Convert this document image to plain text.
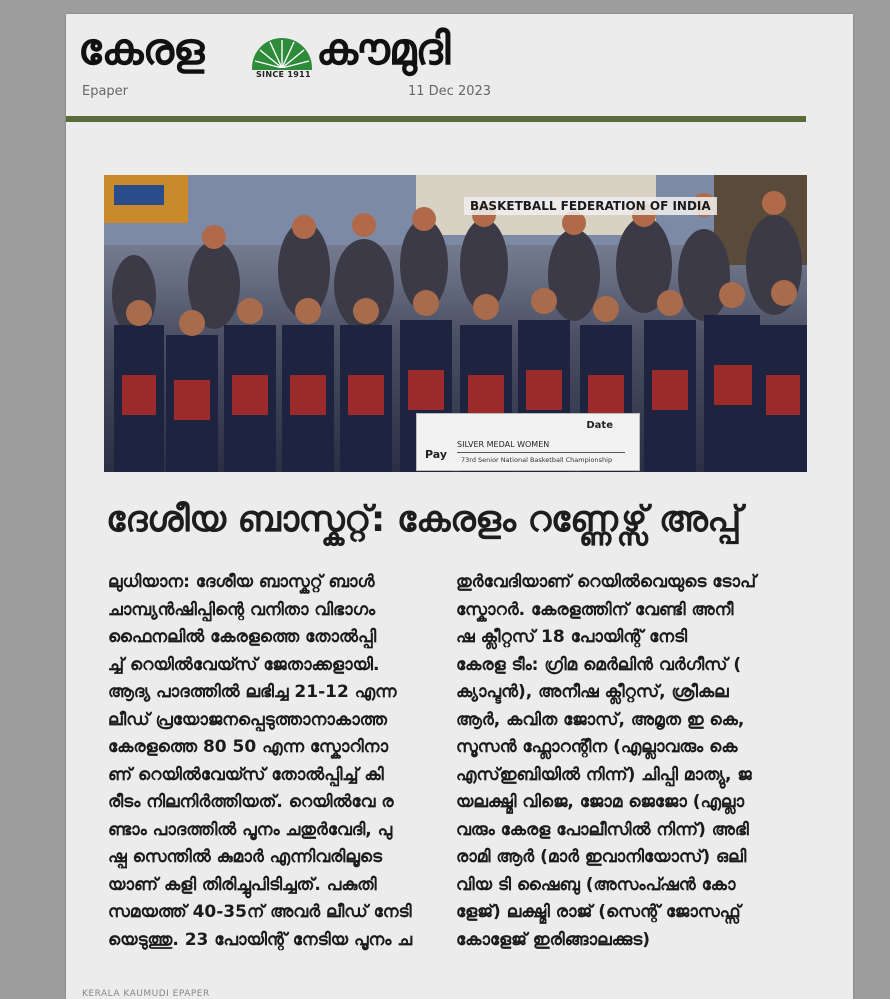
കേരള	SINCE 1911 കൗമുദി
Epaper	11 Dec 2023
BASKETBALL FEDERATION OF INDIA
Date
SILVER MEDAL WOMEN
Pay 73rd Senior National Basketball Championship
ദേശീയ ബാസ്കറ്റ്: കേരളം റണ്ണേഴ്സ് അപ്പ്

ലുധിയാന: ദേശീയ ബാസ്കറ്റ് ബാൾ

ചാമ്പ്യൻഷിപ്പിന്റെ വനിതാ വിഭാഗം

ഫൈനലിൽ കേരളത്തെ തോൽപ്പി

ച്ച് റെയിൽവേയ്സ് ജേതാക്കളായി.

ആദ്യ പാദത്തിൽ ലഭിച്ച 21-12 എന്ന

ലീഡ് പ്രയോജനപ്പെടുത്താനാകാത്ത

കേരളത്തെ 80 50 എന്ന സ്കോറിനാ

ണ് റെയിൽവേയ്സ് തോൽപ്പിച്ച് കി

രീടം നിലനിർത്തിയത്. റെയിൽവേ ര

ണ്ടാം പാദത്തിൽ പൂനം ചതുർവേദി, പു

ഷ്പ സെന്തിൽ കുമാർ എന്നിവരിലൂടെ

യാണ് കളി തിരിച്ചുപിടിച്ചത്. പകുതി

സമയത്ത് 40-35ന് അവർ ലീഡ് നേടി

യെടുത്തു. 23 പോയിന്റ് നേടിയ പൂനം ച

തുർവേദിയാണ് റെയിൽവെയുടെ ടോപ്

സ്കോറർ. കേരളത്തിന് വേണ്ടി അനീ

ഷ ക്ലീറ്റസ് 18 പോയിന്റ് നേടി

കേരള ടീം: ഗ്രിമ മെർലിൻ വർഗീസ് (

ക്യാപ്ടൻ), അനീഷ ക്ലീറ്റസ്, ശ്രീകല

ആർ, കവിത ജോസ്, അമൃത ഇ കെ,

സൂസൻ ഫ്ലോറന്റീന (എല്ലാവരും കെ

എസ്ഇബിയിൽ നിന്ന്) ചിപ്പി മാത്യു, ജ

യലക്ഷ്മി വിജെ, ജോമ ജെജോ (എല്ലാ

വരും കേരള പോലീസിൽ നിന്ന്) അഭി

രാമി ആർ (മാർ ഇവാനിയോസ്) ഒലി

വിയ ടി ഷൈബു (അസംപ്ഷൻ കോ

ളേജ്) ലക്ഷ്മി രാജ് (സെന്റ് ജോസഫ്സ്

കോളേജ് ഇരിങ്ങാലക്കുട)

KERALA KAUMUDI EPAPER
